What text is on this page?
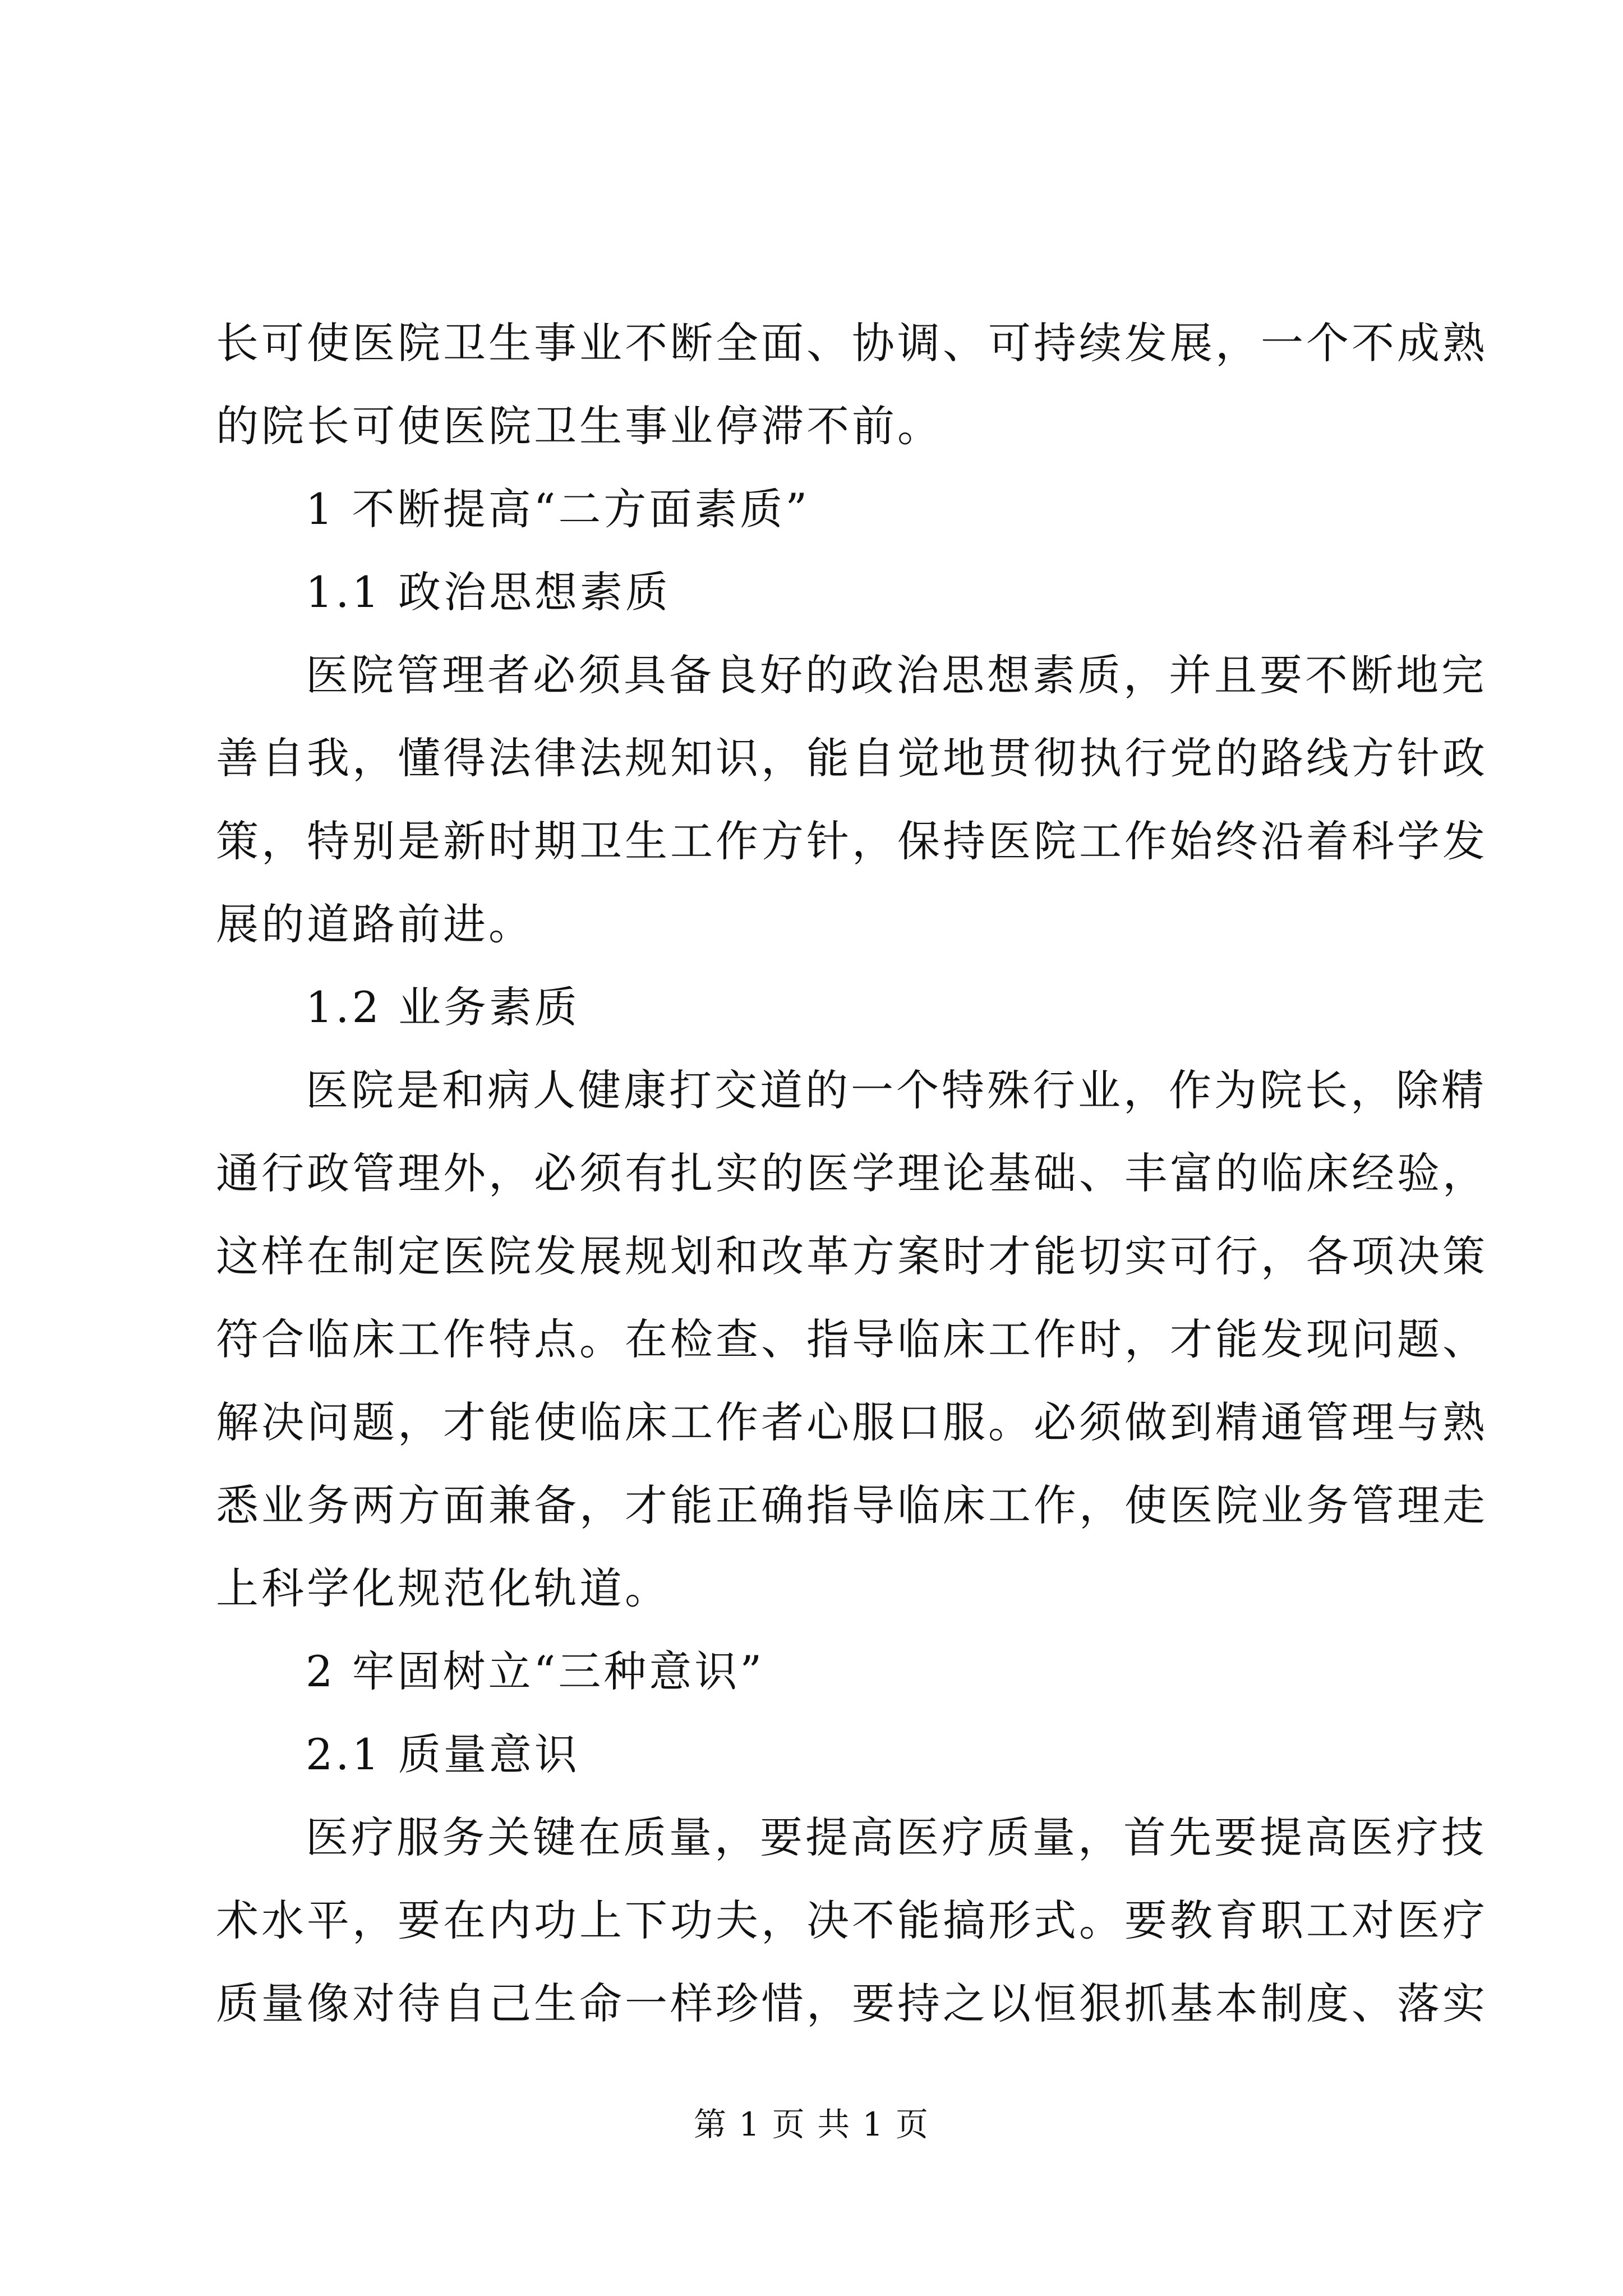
长可使医院卫生事业不断全面、协调、可持续发展，一个不成熟
的院长可使医院卫生事业停滞不前。
1 不断提高“二方面素质”
1.1 政治思想素质
医院管理者必须具备良好的政治思想素质，并且要不断地完
善自我，懂得法律法规知识，能自觉地贯彻执行党的路线方针政
策，特别是新时期卫生工作方针，保持医院工作始终沿着科学发
展的道路前进。
1.2 业务素质
医院是和病人健康打交道的一个特殊行业，作为院长，除精
通行政管理外，必须有扎实的医学理论基础、丰富的临床经验，
这样在制定医院发展规划和改革方案时才能切实可行，各项决策
符合临床工作特点。在检查、指导临床工作时，才能发现问题、
解决问题，才能使临床工作者心服口服。必须做到精通管理与熟
悉业务两方面兼备，才能正确指导临床工作，使医院业务管理走
上科学化规范化轨道。
2 牢固树立“三种意识”
2.1 质量意识
医疗服务关键在质量，要提高医疗质量，首先要提高医疗技
术水平，要在内功上下功夫，决不能搞形式。要教育职工对医疗
质量像对待自己生命一样珍惜，要持之以恒狠抓基本制度、落实
第 1 页 共 1 页
